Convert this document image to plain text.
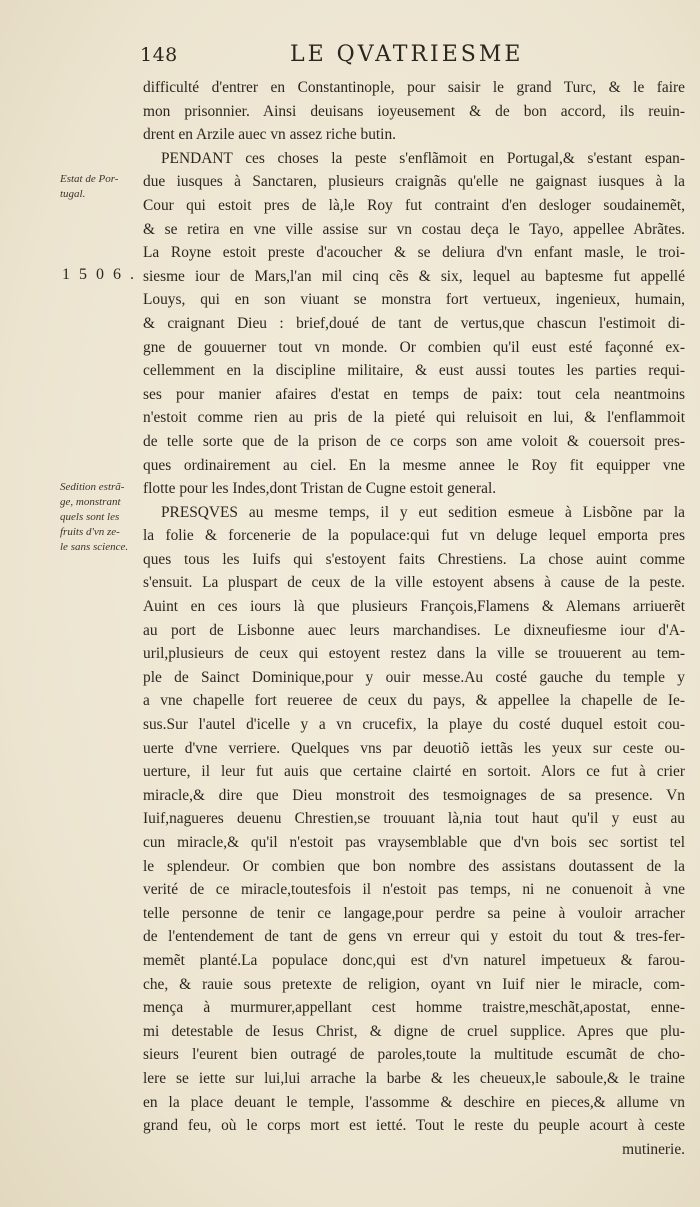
148	LE QVATRIESME
Estat de Por-
tugal.
1506.
Sedition estrã-
ge, monstrant
quels sont les
fruits d'vn ze-
le sans science.
difficulté d'entrer en Constantinople, pour saisir le grand Turc, & le faire
mon prisonnier. Ainsi deuisans ioyeusement & de bon accord, ils reuin-
drent en Arzile auec vn assez riche butin.
PENDANT ces choses la peste s'enflãmoit en Portugal,& s'estant espan-
due iusques à Sanctaren, plusieurs craignãs qu'elle ne gaignast iusques à la
Cour qui estoit pres de là,le Roy fut contraint d'en desloger soudainemẽt,
& se retira en vne ville assise sur vn costau deça le Tayo, appellee Abrãtes.
La Royne estoit preste d'acoucher & se deliura d'vn enfant masle, le troi-
siesme iour de Mars,l'an mil cinq cẽs & six, lequel au baptesme fut appellé
Louys, qui en son viuant se monstra fort vertueux, ingenieux, humain,
& craignant Dieu : brief,doué de tant de vertus,que chascun l'estimoit di-
gne de gouuerner tout vn monde. Or combien qu'il eust esté façonné ex-
cellemment en la discipline militaire, & eust aussi toutes les parties requi-
ses pour manier afaires d'estat en temps de paix: tout cela neantmoins
n'estoit comme rien au pris de la pieté qui reluisoit en lui, & l'enflammoit
de telle sorte que de la prison de ce corps son ame voloit & couersoit pres-
ques ordinairement au ciel. En la mesme annee le Roy fit equipper vne
flotte pour les Indes,dont Tristan de Cugne estoit general.
PRESQVES au mesme temps, il y eut sedition esmeue à Lisbõne par la
la folie & forcenerie de la populace:qui fut vn deluge lequel emporta pres
ques tous les Iuifs qui s'estoyent faits Chrestiens. La chose auint comme
s'ensuit. La pluspart de ceux de la ville estoyent absens à cause de la peste.
Auint en ces iours là que plusieurs François,Flamens & Alemans arriuerẽt
au port de Lisbonne auec leurs marchandises. Le dixneufiesme iour d'A-
uril,plusieurs de ceux qui estoyent restez dans la ville se trouuerent au tem-
ple de Sainct Dominique,pour y ouir messe.Au costé gauche du temple y
a vne chapelle fort reueree de ceux du pays, & appellee la chapelle de Ie-
sus.Sur l'autel d'icelle y a vn crucefix, la playe du costé duquel estoit cou-
uerte d'vne verriere. Quelques vns par deuotiõ iettãs les yeux sur ceste ou-
uerture, il leur fut auis que certaine clairté en sortoit. Alors ce fut à crier
miracle,& dire que Dieu monstroit des tesmoignages de sa presence. Vn
Iuif,nagueres deuenu Chrestien,se trouuant là,nia tout haut qu'il y eust au
cun miracle,& qu'il n'estoit pas vraysemblable que d'vn bois sec sortist tel
le splendeur. Or combien que bon nombre des assistans doutassent de la
verité de ce miracle,toutesfois il n'estoit pas temps, ni ne conuenoit à vne
telle personne de tenir ce langage,pour perdre sa peine à vouloir arracher
de l'entendement de tant de gens vn erreur qui y estoit du tout & tres-fer-
memẽt planté.La populace donc,qui est d'vn naturel impetueux & farou-
che, & rauie sous pretexte de religion, oyant vn Iuif nier le miracle, com-
mença à murmurer,appellant cest homme traistre,meschãt,apostat, enne-
mi detestable de Iesus Christ, & digne de cruel supplice. Apres que plu-
sieurs l'eurent bien outragé de paroles,toute la multitude escumãt de cho-
lere se iette sur lui,lui arrache la barbe & les cheueux,le saboule,& le traine
en la place deuant le temple, l'assomme & deschire en pieces,& allume vn
grand feu, où le corps mort est ietté. Tout le reste du peuple acourt à ceste
mutinerie.
